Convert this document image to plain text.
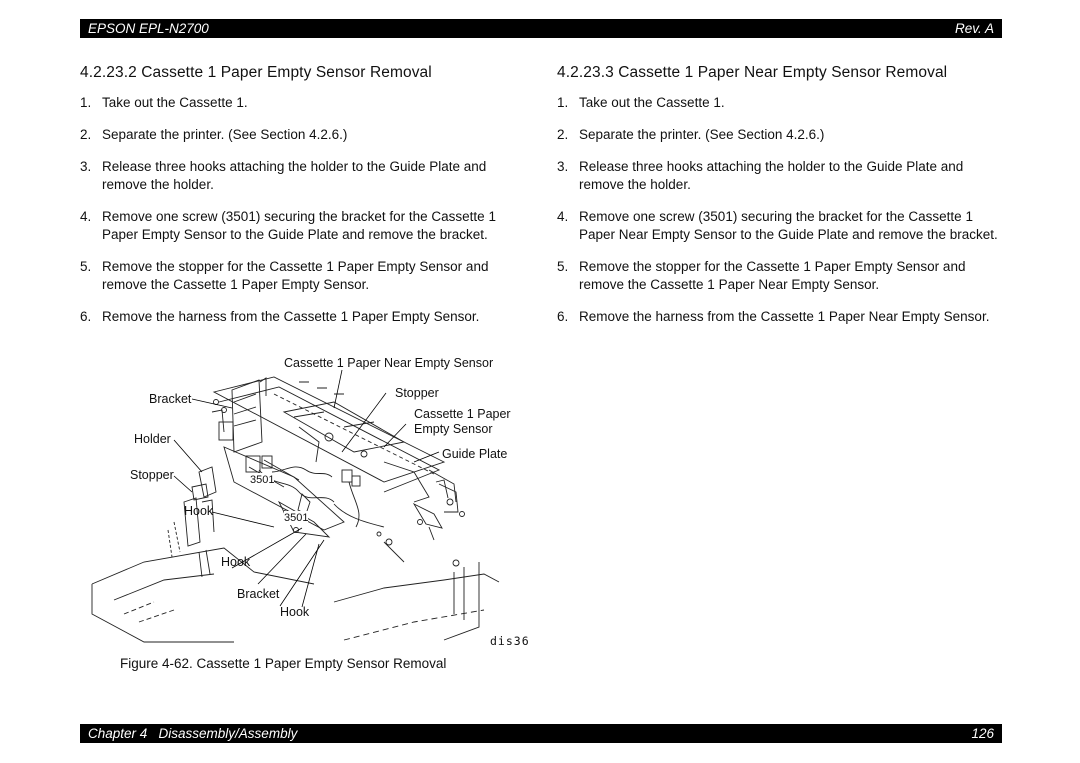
EPSON EPL-N2700	Rev. A
4.2.23.2 Cassette 1 Paper Empty Sensor Removal
1. Take out the Cassette 1.
2. Separate the printer. (See Section 4.2.6.)
3. Release three hooks attaching the holder to the Guide Plate and remove the holder.
4. Remove one screw (3501) securing the bracket for the Cassette 1 Paper Empty Sensor to the Guide Plate and remove the bracket.
5. Remove the stopper for the Cassette 1 Paper Empty Sensor and remove the Cassette 1 Paper Empty Sensor.
6. Remove the harness from the Cassette 1 Paper Empty Sensor.
4.2.23.3 Cassette 1 Paper Near Empty Sensor Removal
1. Take out the Cassette 1.
2. Separate the printer. (See Section 4.2.6.)
3. Release three hooks attaching the holder to the Guide Plate and remove the holder.
4. Remove one screw (3501) securing the bracket for the Cassette 1 Paper Near Empty Sensor to the Guide Plate and remove the bracket.
5. Remove the stopper for the Cassette 1 Paper Empty Sensor and remove the Cassette 1 Paper Near Empty Sensor.
6. Remove the harness from the Cassette 1 Paper Near Empty Sensor.
Cassette 1 Paper Near Empty Sensor
Bracket	Stopper
Cassette 1 Paper
Empty Sensor
Holder
Guide Plate
Stopper	3501
Hook	3501
Hook
Bracket
Hook
dis36
Figure 4-62. Cassette 1 Paper Empty Sensor Removal
Chapter 4   Disassembly/Assembly	126
